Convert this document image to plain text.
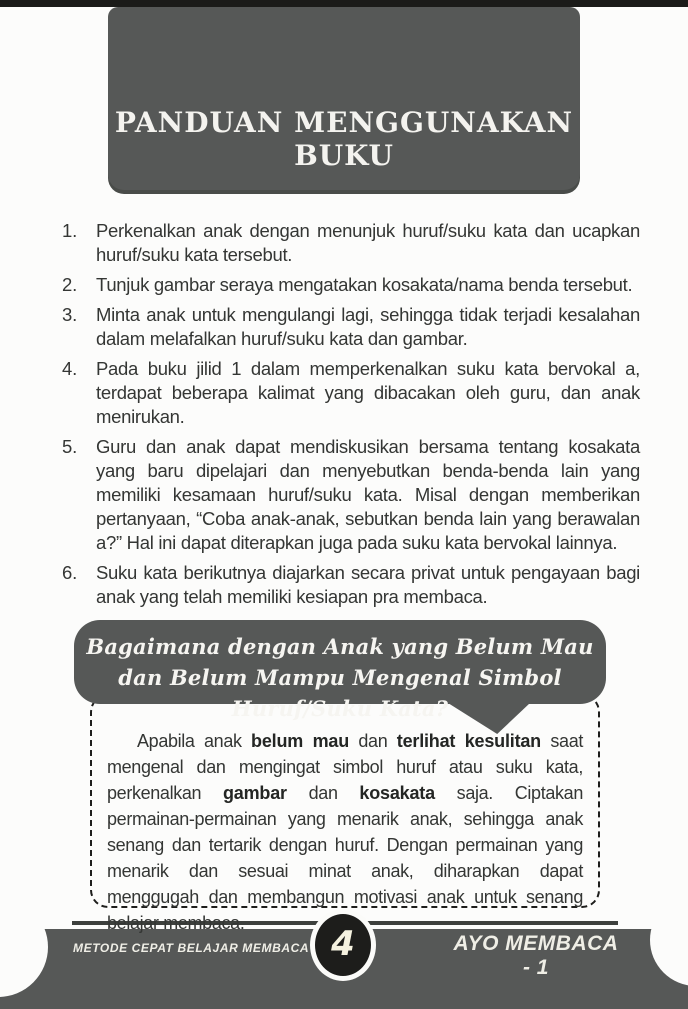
PANDUAN MENGGUNAKAN BUKU
1.	Perkenalkan anak dengan menunjuk huruf/suku kata dan ucapkan huruf/suku kata tersebut.
2.	Tunjuk gambar seraya mengatakan kosakata/nama benda tersebut.
3.	Minta anak untuk mengulangi lagi, sehingga tidak terjadi kesalahan dalam melafalkan huruf/suku kata dan gambar.
4.	Pada buku jilid 1 dalam memperkenalkan suku kata bervokal a, terdapat beberapa kalimat yang dibacakan oleh guru, dan anak menirukan.
5.	Guru dan anak dapat mendiskusikan bersama tentang kosakata yang baru dipelajari dan menyebutkan benda-benda lain yang memiliki kesamaan huruf/suku kata. Misal dengan memberikan pertanyaan, “Coba anak-anak, sebutkan benda lain yang berawalan a?” Hal ini dapat diterapkan juga pada suku kata bervokal lainnya.
6.	Suku kata berikutnya diajarkan secara privat untuk pengayaan bagi anak yang telah memiliki kesiapan pra membaca.
Bagaimana dengan Anak yang Belum Mau
dan Belum Mampu Mengenal Simbol Huruf/Suku Kata?

Apabila anak belum mau dan terlihat kesulitan saat mengenal dan mengingat simbol huruf atau suku kata, perkenalkan gambar dan kosakata saja. Ciptakan permainan-permainan yang menarik anak, sehingga anak senang dan tertarik dengan huruf. Dengan permainan yang menarik dan sesuai minat anak, diharapkan dapat menggugah dan membangun motivasi anak untuk senang belajar membaca.

4
METODE CEPAT BELAJAR MEMBACA	AYO MEMBACA - 1
